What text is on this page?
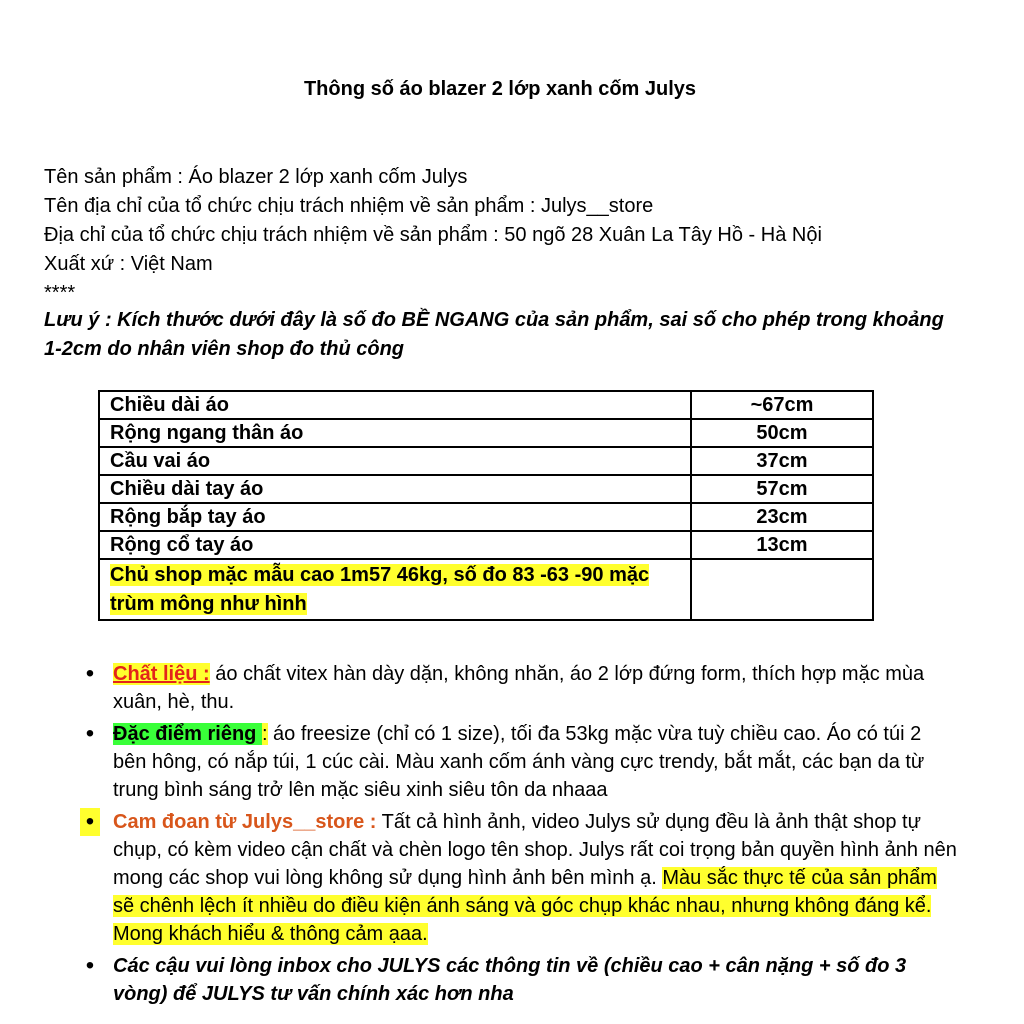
Thông số áo blazer 2 lớp xanh cốm Julys
Tên sản phẩm : Áo blazer 2 lớp xanh cốm Julys
Tên địa chỉ của tổ chức chịu trách nhiệm về sản phẩm : Julys__store
Địa chỉ của tổ chức chịu trách nhiệm về sản phẩm : 50 ngõ 28 Xuân La Tây Hồ - Hà Nội
Xuất xứ : Việt Nam
****
Lưu ý : Kích thước dưới đây là số đo BỀ NGANG của sản phẩm, sai số cho phép trong khoảng 1-2cm do nhân viên shop đo thủ công
Chiều dài áo	~67cm
Rộng ngang thân áo	50cm
Cầu vai áo	37cm
Chiều dài tay áo	57cm
Rộng bắp tay áo	23cm
Rộng cổ tay áo	13cm
Chủ shop mặc mẫu cao 1m57 46kg, số đo 83 -63 -90 mặc
trùm mông như hình	
• Chất liệu : áo chất vitex hàn dày dặn, không nhăn, áo 2 lớp đứng form, thích hợp mặc mùa xuân, hè, thu.
• Đặc điểm riêng : áo freesize (chỉ có 1 size), tối đa 53kg mặc vừa tuỳ chiều cao. Áo có túi 2 bên hông, có nắp túi, 1 cúc cài. Màu xanh cốm ánh vàng cực trendy, bắt mắt, các bạn da từ trung bình sáng trở lên mặc siêu xinh siêu tôn da nhaaa
• Cam đoan từ Julys__store : Tất cả hình ảnh, video Julys sử dụng đều là ảnh thật shop tự chụp, có kèm video cận chất và chèn logo tên shop. Julys rất coi trọng bản quyền hình ảnh nên mong các shop vui lòng không sử dụng hình ảnh bên mình ạ. Màu sắc thực tế của sản phẩm sẽ chênh lệch ít nhiều do điều kiện ánh sáng và góc chụp khác nhau, nhưng không đáng kể. Mong khách hiểu & thông cảm ạaa.
• Các cậu vui lòng inbox cho JULYS các thông tin về (chiều cao + cân nặng + số đo 3 vòng) để JULYS tư vấn chính xác hơn nha
